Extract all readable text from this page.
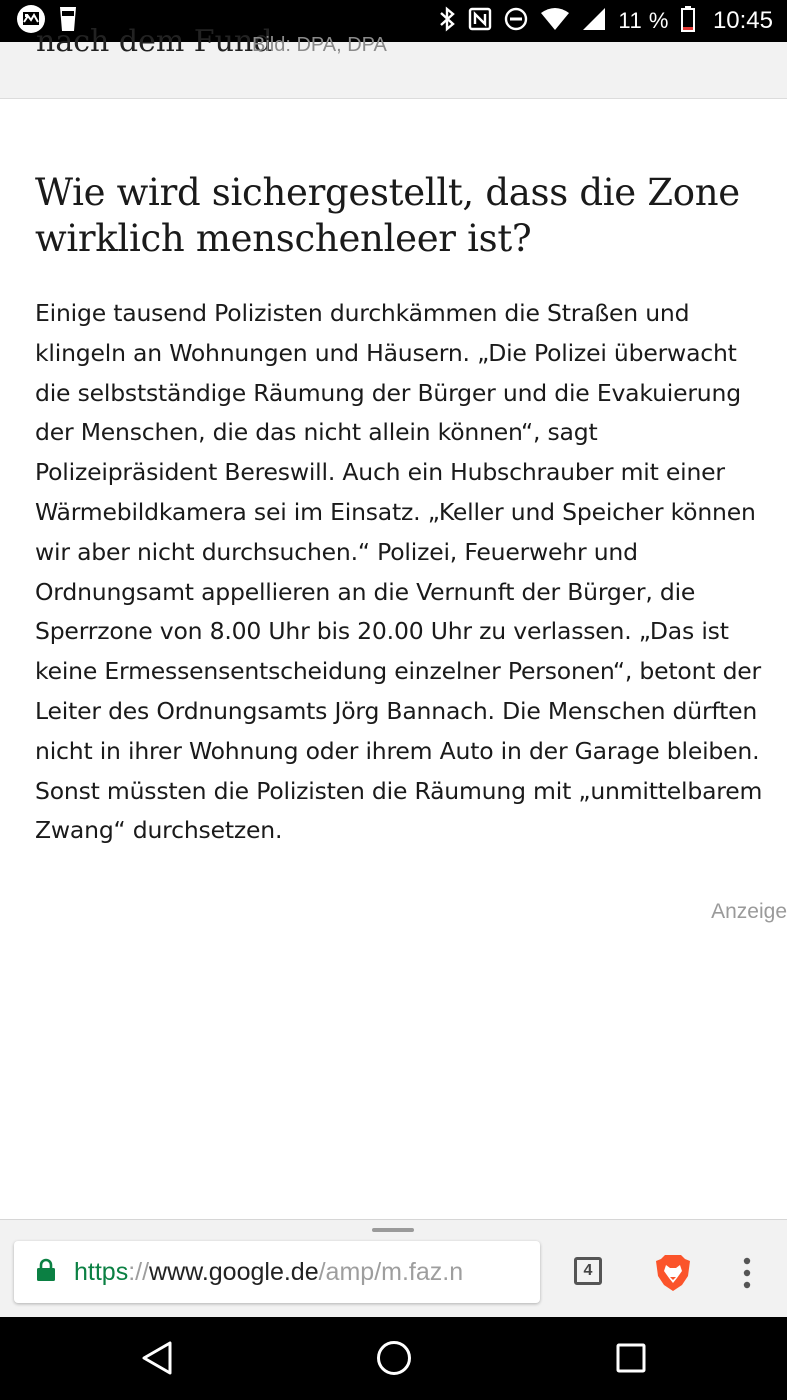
11 % 10:45
nach dem Fund
Bild: DPA, DPA
Wie wird sichergestellt, dass die Zone wirklich menschenleer ist?

Einige tausend Polizisten durchkämmen die Straßen und klingeln an Wohnungen und Häusern. „Die Polizei überwacht die selbstständige Räumung der Bürger und die Evakuierung der Menschen, die das nicht allein können“, sagt Polizeipräsident Bereswill. Auch ein Hubschrauber mit einer Wärmebildkamera sei im Einsatz. „Keller und Speicher können wir aber nicht durchsuchen.“ Polizei, Feuerwehr und Ordnungsamt appellieren an die Vernunft der Bürger, die Sperrzone von 8.00 Uhr bis 20.00 Uhr zu verlassen. „Das ist keine Ermessensentscheidung einzelner Personen“, betont der Leiter des Ordnungsamts Jörg Bannach. Die Menschen dürften nicht in ihrer Wohnung oder ihrem Auto in der Garage bleiben. Sonst müssten die Polizisten die Räumung mit „unmittelbarem Zwang“ durchsetzen.

Anzeige
https://www.google.de/amp/m.faz.n	4
